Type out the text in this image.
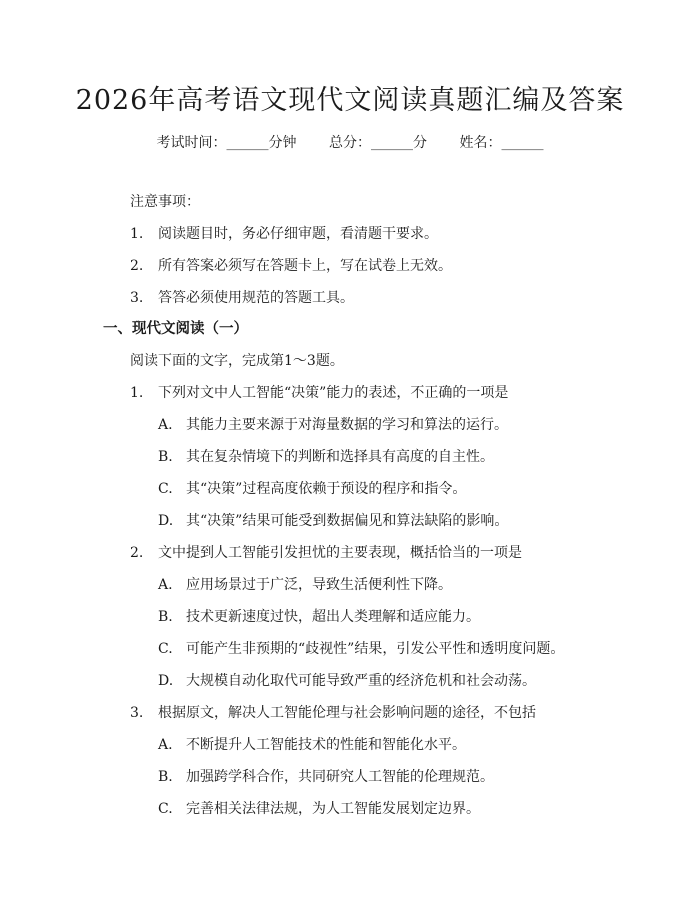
2026年高考语文现代文阅读真题汇编及答案
考试时间：______分钟 总分：______分 姓名：______
注意事项：
1. 阅读题目时，务必仔细审题，看清题干要求。
2. 所有答案必须写在答题卡上，写在试卷上无效。
3. 答答必须使用规范的答题工具。
一、现代文阅读（一）
阅读下面的文字，完成第1～3题。
1. 下列对文中人工智能“决策”能力的表述，不正确的一项是
A. 其能力主要来源于对海量数据的学习和算法的运行。
B. 其在复杂情境下的判断和选择具有高度的自主性。
C. 其“决策”过程高度依赖于预设的程序和指令。
D. 其“决策”结果可能受到数据偏见和算法缺陷的影响。
2. 文中提到人工智能引发担忧的主要表现，概括恰当的一项是
A. 应用场景过于广泛，导致生活便利性下降。
B. 技术更新速度过快，超出人类理解和适应能力。
C. 可能产生非预期的“歧视性”结果，引发公平性和透明度问题。
D. 大规模自动化取代可能导致严重的经济危机和社会动荡。
3. 根据原文，解决人工智能伦理与社会影响问题的途径，不包括
A. 不断提升人工智能技术的性能和智能化水平。
B. 加强跨学科合作，共同研究人工智能的伦理规范。
C. 完善相关法律法规，为人工智能发展划定边界。
